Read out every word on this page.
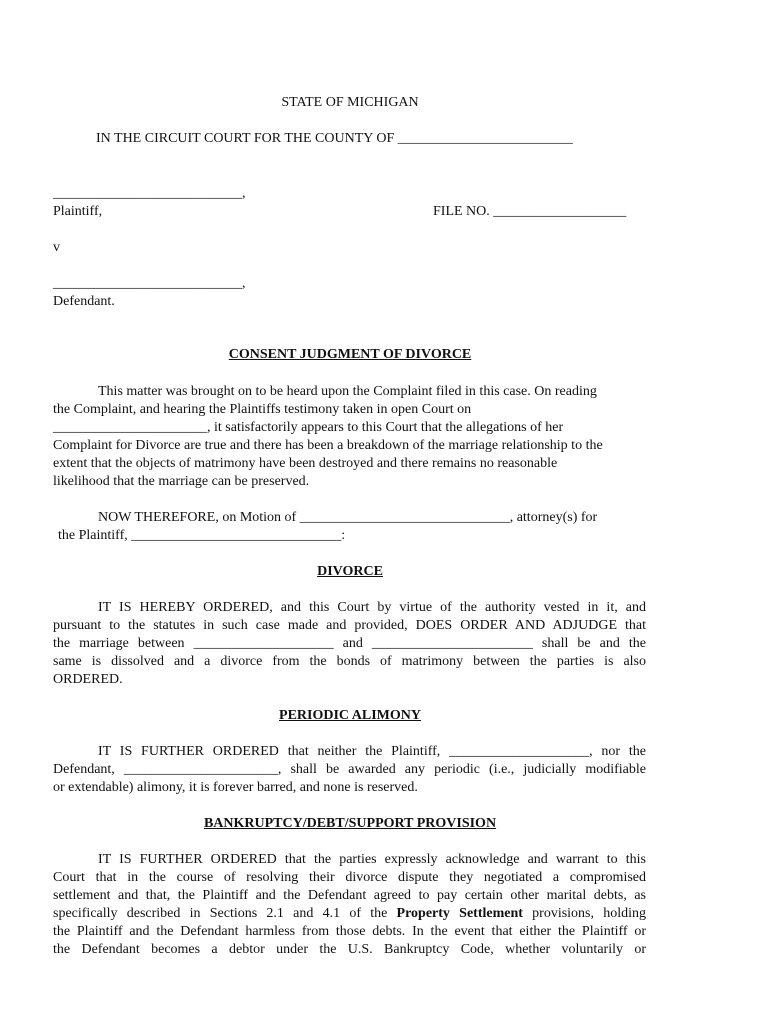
STATE OF MICHIGAN
IN THE CIRCUIT COURT FOR THE COUNTY OF _________________________
___________________________,
Plaintiff,	FILE NO. ___________________
v
___________________________,
Defendant.
CONSENT JUDGMENT OF DIVORCE
This matter was brought on to be heard upon the Complaint filed in this case. On reading
the Complaint, and hearing the Plaintiffs testimony taken in open Court on
______________________, it satisfactorily appears to this Court that the allegations of her
Complaint for Divorce are true and there has been a breakdown of the marriage relationship to the
extent that the objects of matrimony have been destroyed and there remains no reasonable
likelihood that the marriage can be preserved.
NOW THEREFORE, on Motion of ______________________________, attorney(s) for
the Plaintiff, ______________________________:
DIVORCE
IT IS HEREBY ORDERED, and this Court by virtue of the authority vested in it, and
pursuant to the statutes in such case made and provided, DOES ORDER AND ADJUDGE that
the marriage between ____________________ and _______________________ shall be and the
same is dissolved and a divorce from the bonds of matrimony between the parties is also
ORDERED.
PERIODIC ALIMONY
IT IS FURTHER ORDERED that neither the Plaintiff, ____________________, nor the
Defendant, ______________________, shall be awarded any periodic (i.e., judicially modifiable
or extendable) alimony, it is forever barred, and none is reserved.
BANKRUPTCY/DEBT/SUPPORT PROVISION
IT IS FURTHER ORDERED that the parties expressly acknowledge and warrant to this
Court that in the course of resolving their divorce dispute they negotiated a compromised
settlement and that, the Plaintiff and the Defendant agreed to pay certain other marital debts, as
specifically described in Sections 2.1 and 4.1 of the Property Settlement provisions, holding
the Plaintiff and the Defendant harmless from those debts. In the event that either the Plaintiff or
the Defendant becomes a debtor under the U.S. Bankruptcy Code, whether voluntarily or
